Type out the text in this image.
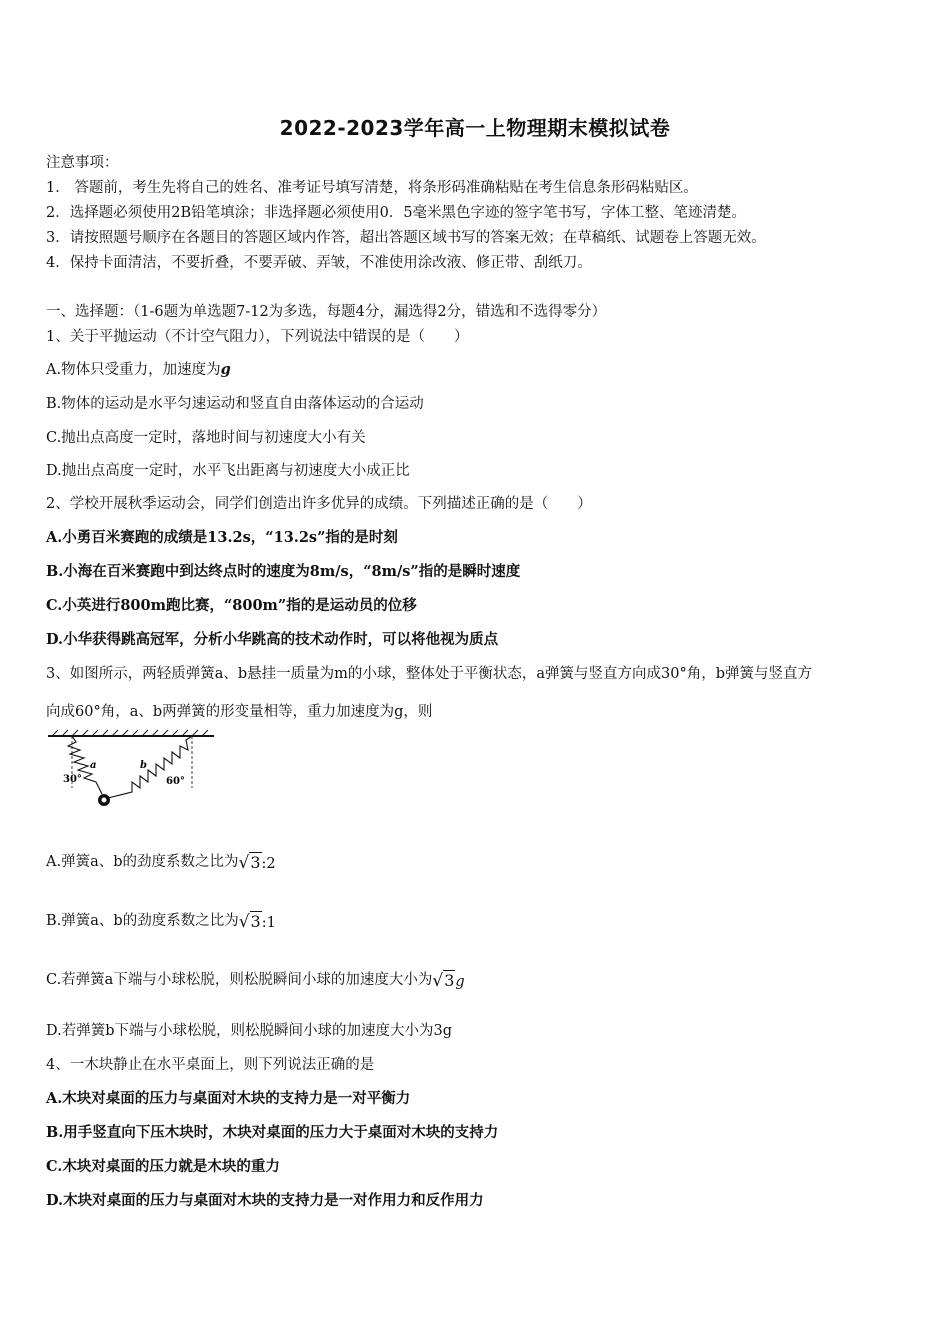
2022-2023学年高一上物理期末模拟试卷
注意事项：
1． 答题前，考生先将自己的姓名、准考证号填写清楚，将条形码准确粘贴在考生信息条形码粘贴区。
2．选择题必须使用2B铅笔填涂；非选择题必须使用0．5毫米黑色字迹的签字笔书写，字体工整、笔迹清楚。
3．请按照题号顺序在各题目的答题区域内作答，超出答题区域书写的答案无效；在草稿纸、试题卷上答题无效。
4．保持卡面清洁，不要折叠，不要弄破、弄皱，不准使用涂改液、修正带、刮纸刀。
一、选择题：（1-6题为单选题7-12为多选，每题4分，漏选得2分，错选和不选得零分）
1、关于平抛运动（不计空气阻力），下列说法中错误的是（　　）
A.物体只受重力，加速度为g
B.物体的运动是水平匀速运动和竖直自由落体运动的合运动
C.抛出点高度一定时，落地时间与初速度大小有关
D.抛出点高度一定时，水平飞出距离与初速度大小成正比
2、学校开展秋季运动会，同学们创造出许多优异的成绩。下列描述正确的是（　　）
A.小勇百米赛跑的成绩是13.2s，“13.2s”指的是时刻
B.小海在百米赛跑中到达终点时的速度为8m/s，“8m/s”指的是瞬时速度
C.小英进行800m跑比赛，“800m”指的是运动员的位移
D.小华获得跳高冠军，分析小华跳高的技术动作时，可以将他视为质点
3、如图所示，两轻质弹簧a、b悬挂一质量为m的小球，整体处于平衡状态，a弹簧与竖直方向成30°角，b弹簧与竖直方
向成60°角，a、b两弹簧的形变量相等，重力加速度为g，则
a	b
30°	60°
A.弹簧a、b的劲度系数之比为√3:2
B.弹簧a、b的劲度系数之比为√3:1
C.若弹簧a下端与小球松脱，则松脱瞬间小球的加速度大小为√3g
D.若弹簧b下端与小球松脱，则松脱瞬间小球的加速度大小为3g
4、一木块静止在水平桌面上，则下列说法正确的是
A.木块对桌面的压力与桌面对木块的支持力是一对平衡力
B.用手竖直向下压木块时，木块对桌面的压力大于桌面对木块的支持力
C.木块对桌面的压力就是木块的重力
D.木块对桌面的压力与桌面对木块的支持力是一对作用力和反作用力
